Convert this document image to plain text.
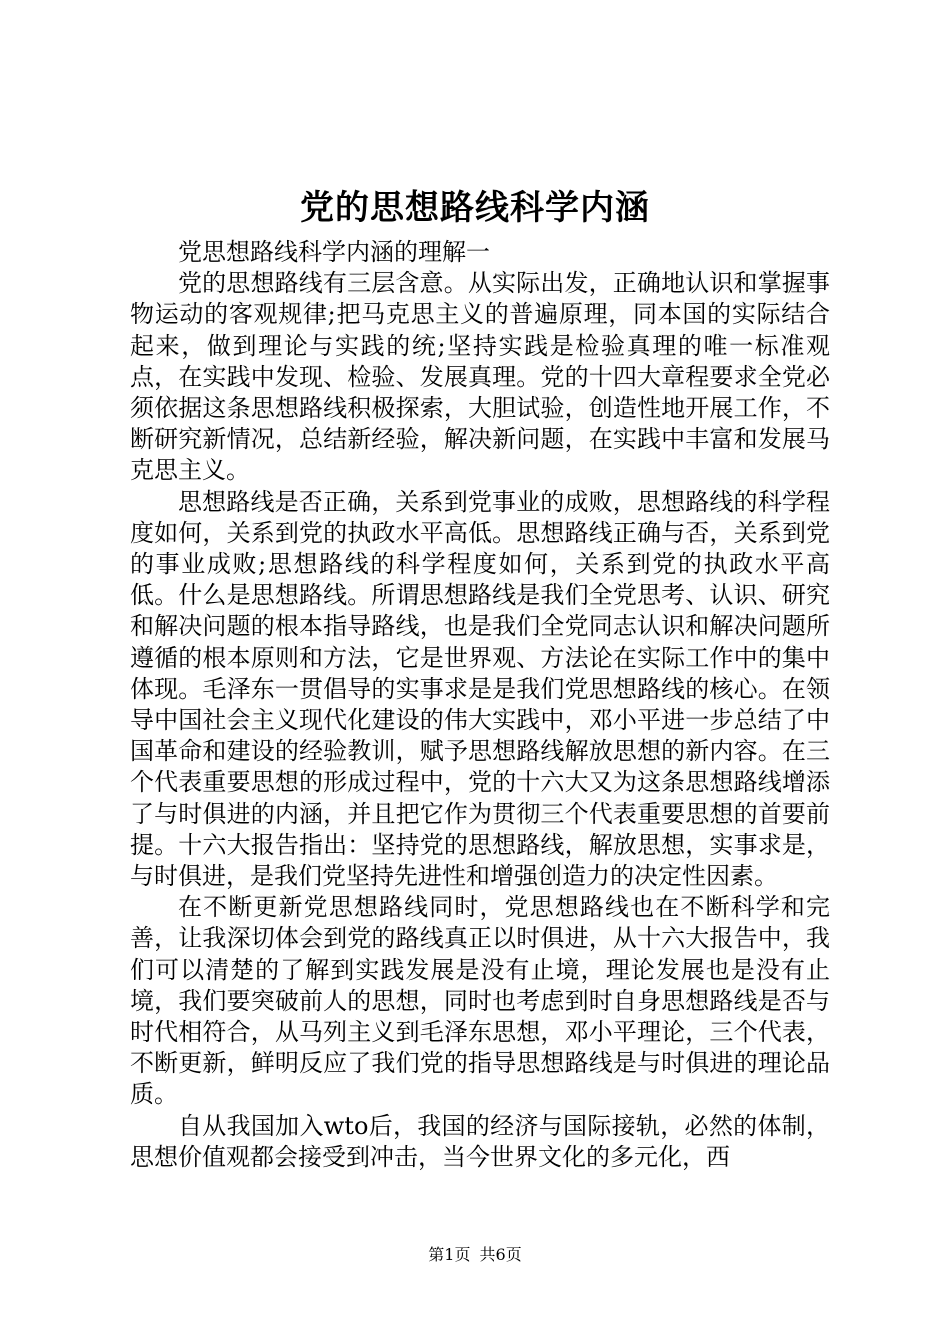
党的思想路线科学内涵

党思想路线科学内涵的理解一

党的思想路线有三层含意。从实际出发，正确地认识和掌握事物运动的客观规律;把马克思主义的普遍原理，同本国的实际结合起来，做到理论与实践的统;坚持实践是检验真理的唯一标准观点，在实践中发现、检验、发展真理。党的十四大章程要求全党必须依据这条思想路线积极探索，大胆试验，创造性地开展工作，不断研究新情况，总结新经验，解决新问题，在实践中丰富和发展马克思主义。

思想路线是否正确，关系到党事业的成败，思想路线的科学程度如何，关系到党的执政水平高低。思想路线正确与否，关系到党的事业成败;思想路线的科学程度如何，关系到党的执政水平高低。什么是思想路线。所谓思想路线是我们全党思考、认识、研究和解决问题的根本指导路线，也是我们全党同志认识和解决问题所遵循的根本原则和方法，它是世界观、方法论在实际工作中的集中体现。毛泽东一贯倡导的实事求是是我们党思想路线的核心。在领导中国社会主义现代化建设的伟大实践中，邓小平进一步总结了中国革命和建设的经验教训，赋予思想路线解放思想的新内容。在三个代表重要思想的形成过程中，党的十六大又为这条思想路线增添了与时俱进的内涵，并且把它作为贯彻三个代表重要思想的首要前提。十六大报告指出：坚持党的思想路线，解放思想，实事求是，与时俱进，是我们党坚持先进性和增强创造力的决定性因素。

在不断更新党思想路线同时，党思想路线也在不断科学和完善，让我深切体会到党的路线真正以时俱进，从十六大报告中，我们可以清楚的了解到实践发展是没有止境，理论发展也是没有止境，我们要突破前人的思想，同时也考虑到时自身思想路线是否与时代相符合，从马列主义到毛泽东思想，邓小平理论，三个代表，不断更新，鲜明反应了我们党的指导思想路线是与时俱进的理论品质。

自从我国加入wto后，我国的经济与国际接轨，必然的体制，思想价值观都会接受到冲击，当今世界文化的多元化，西

第1页 共6页
